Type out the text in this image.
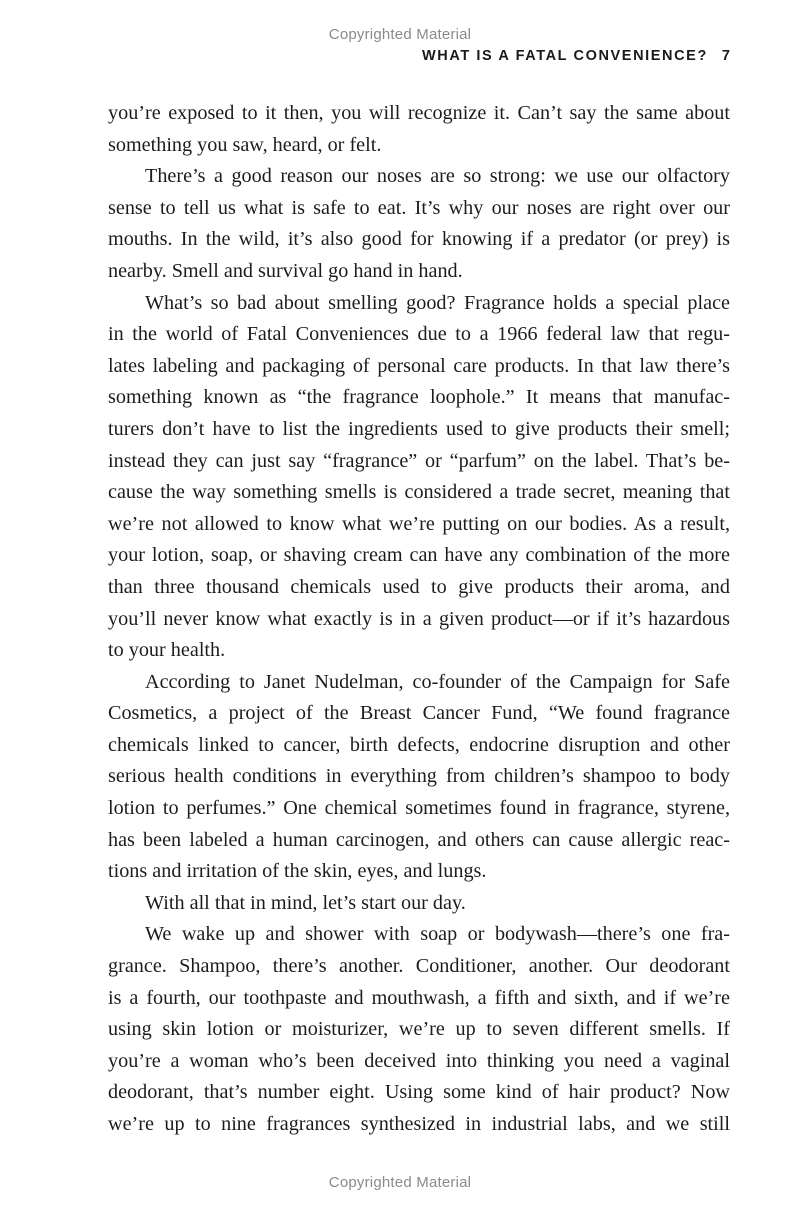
Copyrighted Material
WHAT IS A FATAL CONVENIENCE? 7
you’re exposed to it then, you will recognize it. Can’t say the same about
something you saw, heard, or felt.
There’s a good reason our noses are so strong: we use our olfactory
sense to tell us what is safe to eat. It’s why our noses are right over our
mouths. In the wild, it’s also good for knowing if a predator (or prey) is
nearby. Smell and survival go hand in hand.
What’s so bad about smelling good? Fragrance holds a special place
in the world of Fatal Conveniences due to a 1966 federal law that regu-
lates labeling and packaging of personal care products. In that law there’s
something known as “the fragrance loophole.” It means that manufac-
turers don’t have to list the ingredients used to give products their smell;
instead they can just say “fragrance” or “parfum” on the label. That’s be-
cause the way something smells is considered a trade secret, meaning that
we’re not allowed to know what we’re putting on our bodies. As a result,
your lotion, soap, or shaving cream can have any combination of the more
than three thousand chemicals used to give products their aroma, and
you’ll never know what exactly is in a given product—or if it’s hazardous
to your health.
According to Janet Nudelman, co-founder of the Campaign for Safe
Cosmetics, a project of the Breast Cancer Fund, “We found fragrance
chemicals linked to cancer, birth defects, endocrine disruption and other
serious health conditions in everything from children’s shampoo to body
lotion to perfumes.” One chemical sometimes found in fragrance, styrene,
has been labeled a human carcinogen, and others can cause allergic reac-
tions and irritation of the skin, eyes, and lungs.
With all that in mind, let’s start our day.
We wake up and shower with soap or bodywash—there’s one fra-
grance. Shampoo, there’s another. Conditioner, another. Our deodorant
is a fourth, our toothpaste and mouthwash, a fifth and sixth, and if we’re
using skin lotion or moisturizer, we’re up to seven different smells. If
you’re a woman who’s been deceived into thinking you need a vaginal
deodorant, that’s number eight. Using some kind of hair product? Now
we’re up to nine fragrances synthesized in industrial labs, and we still
Copyrighted Material
